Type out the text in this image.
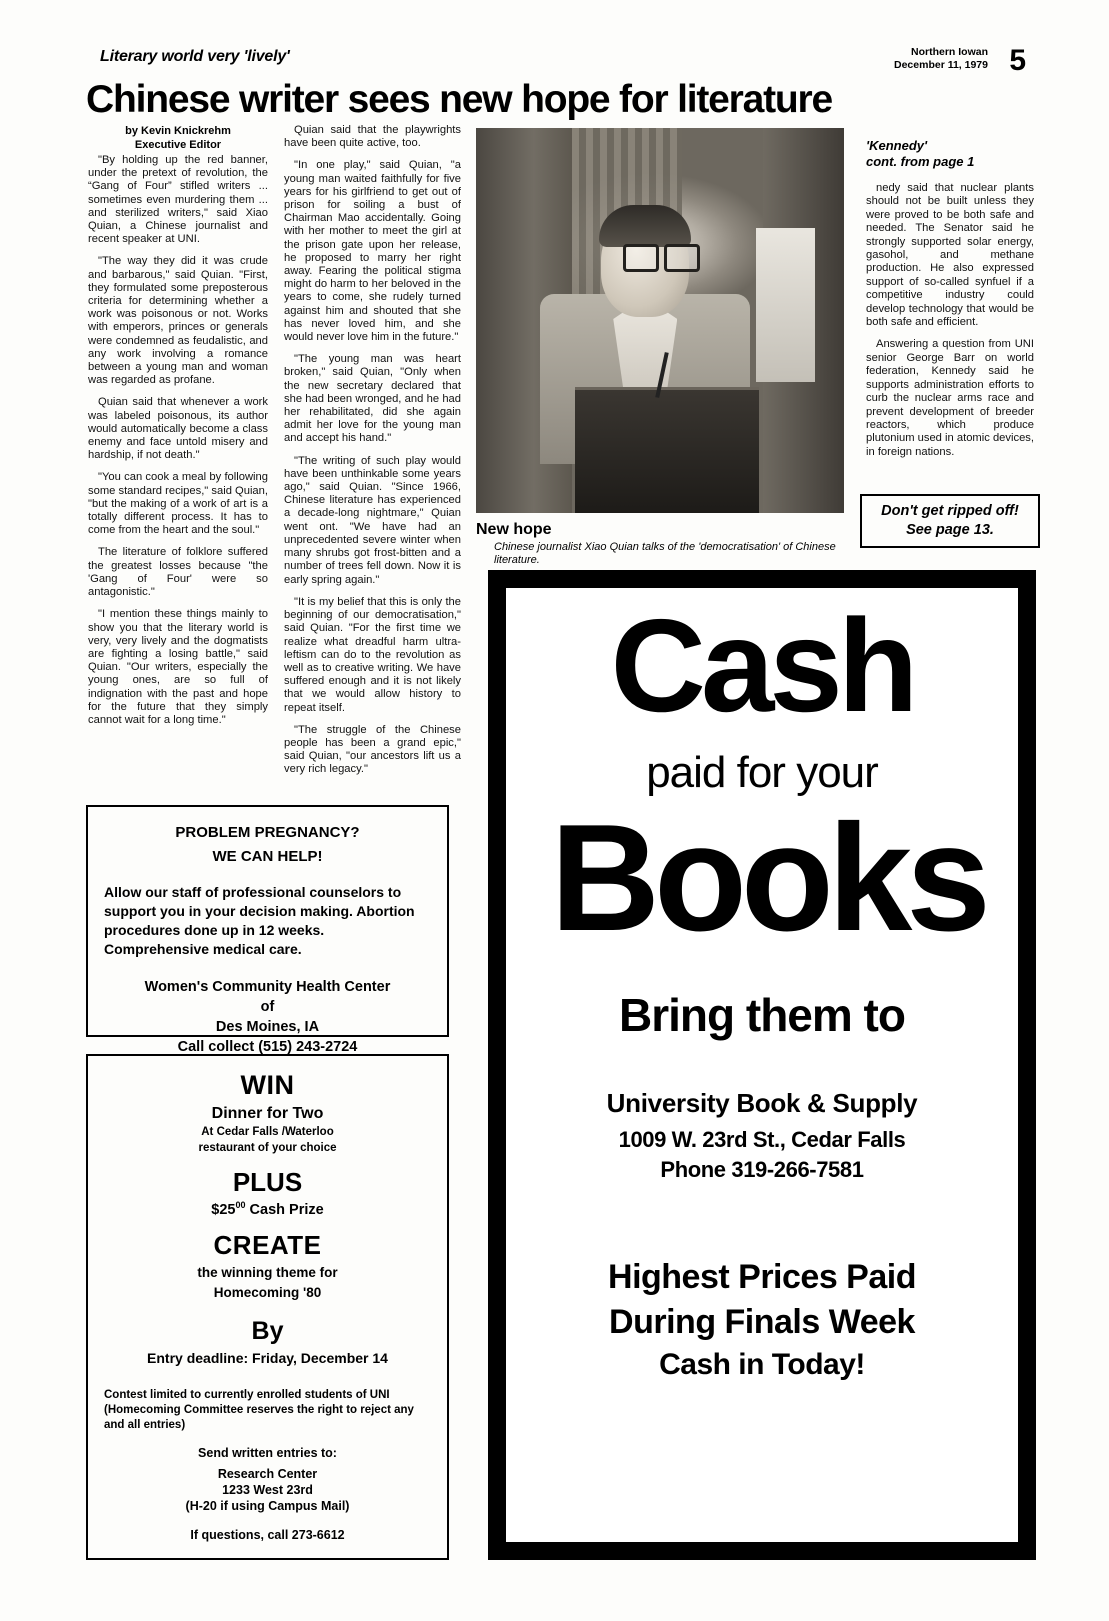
Literary world very 'lively'	Northern Iowan
December 11, 1979 5
Chinese writer sees new hope for literature
by Kevin Knickrehm
Executive Editor

"By holding up the red banner, under the pretext of revolution, the “Gang of Four” stifled writers ... sometimes even murdering them ... and sterilized writers," said Xiao Quian, a Chinese journalist and recent speaker at UNI.

"The way they did it was crude and barbarous," said Quian. "First, they formulated some preposterous criteria for determining whether a work was poisonous or not. Works with emperors, princes or generals were condemned as feudalistic, and any work involving a romance between a young man and woman was regarded as profane.

Quian said that whenever a work was labeled poisonous, its author would automatically become a class enemy and face untold misery and hardship, if not death."

"You can cook a meal by following some standard recipes," said Quian, "but the making of a work of art is a totally different process. It has to come from the heart and the soul."

The literature of folklore suffered the greatest losses because "the 'Gang of Four' were so antagonistic."

"I mention these things mainly to show you that the literary world is very, very lively and the dogmatists are fighting a losing battle," said Quian. "Our writers, especially the young ones, are so full of indignation with the past and hope for the future that they simply cannot wait for a long time."

Quian said that the playwrights have been quite active, too.

"In one play," said Quian, "a young man waited faithfully for five years for his girlfriend to get out of prison for soiling a bust of Chairman Mao accidentally. Going with her mother to meet the girl at the prison gate upon her release, he proposed to marry her right away. Fearing the political stigma might do harm to her beloved in the years to come, she rudely turned against him and shouted that she has never loved him, and she would never love him in the future."

"The young man was heart broken," said Quian, "Only when the new secretary declared that she had been wronged, and he had her rehabilitated, did she again admit her love for the young man and accept his hand."

"The writing of such play would have been unthinkable some years ago," said Quian. "Since 1966, Chinese literature has experienced a decade-long nightmare," Quian went ont. "We have had an unprecedented severe winter when many shrubs got frost-bitten and a number of trees fell down. Now it is early spring again."

"It is my belief that this is only the beginning of our democratisation," said Quian. "For the first time we realize what dreadful harm ultra-leftism can do to the revolution as well as to creative writing. We have suffered enough and it is not likely that we would allow history to repeat itself.

"The struggle of the Chinese people has been a grand epic," said Quian, "our ancestors lift us a very rich legacy."

New hope
Chinese journalist Xiao Quian talks of the 'democratisation' of Chinese literature.
'Kennedy'
cont. from page 1

nedy said that nuclear plants should not be built unless they were proved to be both safe and needed. The Senator said he strongly supported solar energy, gasohol, and methane production. He also expressed support of so-called synfuel if a competitive industry could develop technology that would be both safe and efficient.

Answering a question from UNI senior George Barr on world federation, Kennedy said he supports administration efforts to curb the nuclear arms race and prevent development of breeder reactors, which produce plutonium used in atomic devices, in foreign nations.

Don't get ripped off!
See page 13.
PROBLEM PREGNANCY?
WE CAN HELP!
Allow our staff of professional counselors to support you in your decision making. Abortion procedures done up in 12 weeks. Comprehensive medical care.
Women's Community Health Center
of
Des Moines, IA
Call collect (515) 243-2724
WIN
Dinner for Two
At Cedar Falls /Waterloo
restaurant of your choice
PLUS
$\$25^{00}$ Cash Prize
CREATE
the winning theme for
Homecoming '80
By
Entry deadline: Friday, December 14
Contest limited to currently enrolled students of UNI (Homecoming Committee reserves the right to reject any and all entries)
Send written entries to:
Research Center
1233 West 23rd
(H-20 if using Campus Mail)
If questions, call 273-6612
Cash
paid for your
Books
Bring them to
University Book & Supply
1009 W. 23rd St., Cedar Falls
Phone 319-266-7581
Highest Prices Paid
During Finals Week
Cash in Today!
